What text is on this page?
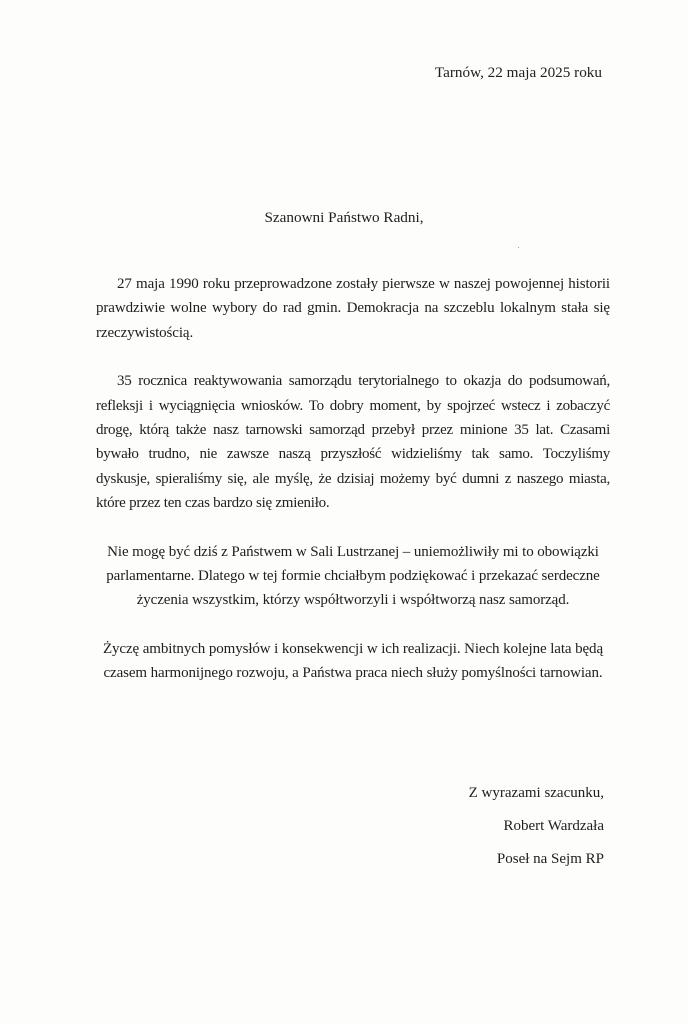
Tarnów, 22 maja 2025 roku
Szanowni Państwo Radni,

27 maja 1990 roku przeprowadzone zostały pierwsze w naszej powojennej historii prawdziwie wolne wybory do rad gmin. Demokracja na szczeblu lokalnym stała się rzeczywistością.

35 rocznica reaktywowania samorządu terytorialnego to okazja do podsumowań, refleksji i wyciągnięcia wniosków. To dobry moment, by spojrzeć wstecz i zobaczyć drogę, którą także nasz tarnowski samorząd przebył przez minione 35 lat. Czasami bywało trudno, nie zawsze naszą przyszłość widzieliśmy tak samo. Toczyliśmy dyskusje, spieraliśmy się, ale myślę, że dzisiaj możemy być dumni z naszego miasta, które przez ten czas bardzo się zmieniło.

Nie mogę być dziś z Państwem w Sali Lustrzanej – uniemożliwiły mi to obowiązki parlamentarne. Dlatego w tej formie chciałbym podziękować i przekazać serdeczne życzenia wszystkim, którzy współtworzyli i współtworzą nasz samorząd.

Życzę ambitnych pomysłów i konsekwencji w ich realizacji. Niech kolejne lata będą czasem harmonijnego rozwoju, a Państwa praca niech służy pomyślności tarnowian.

Z wyrazami szacunku,
Robert Wardzała
Poseł na Sejm RP
